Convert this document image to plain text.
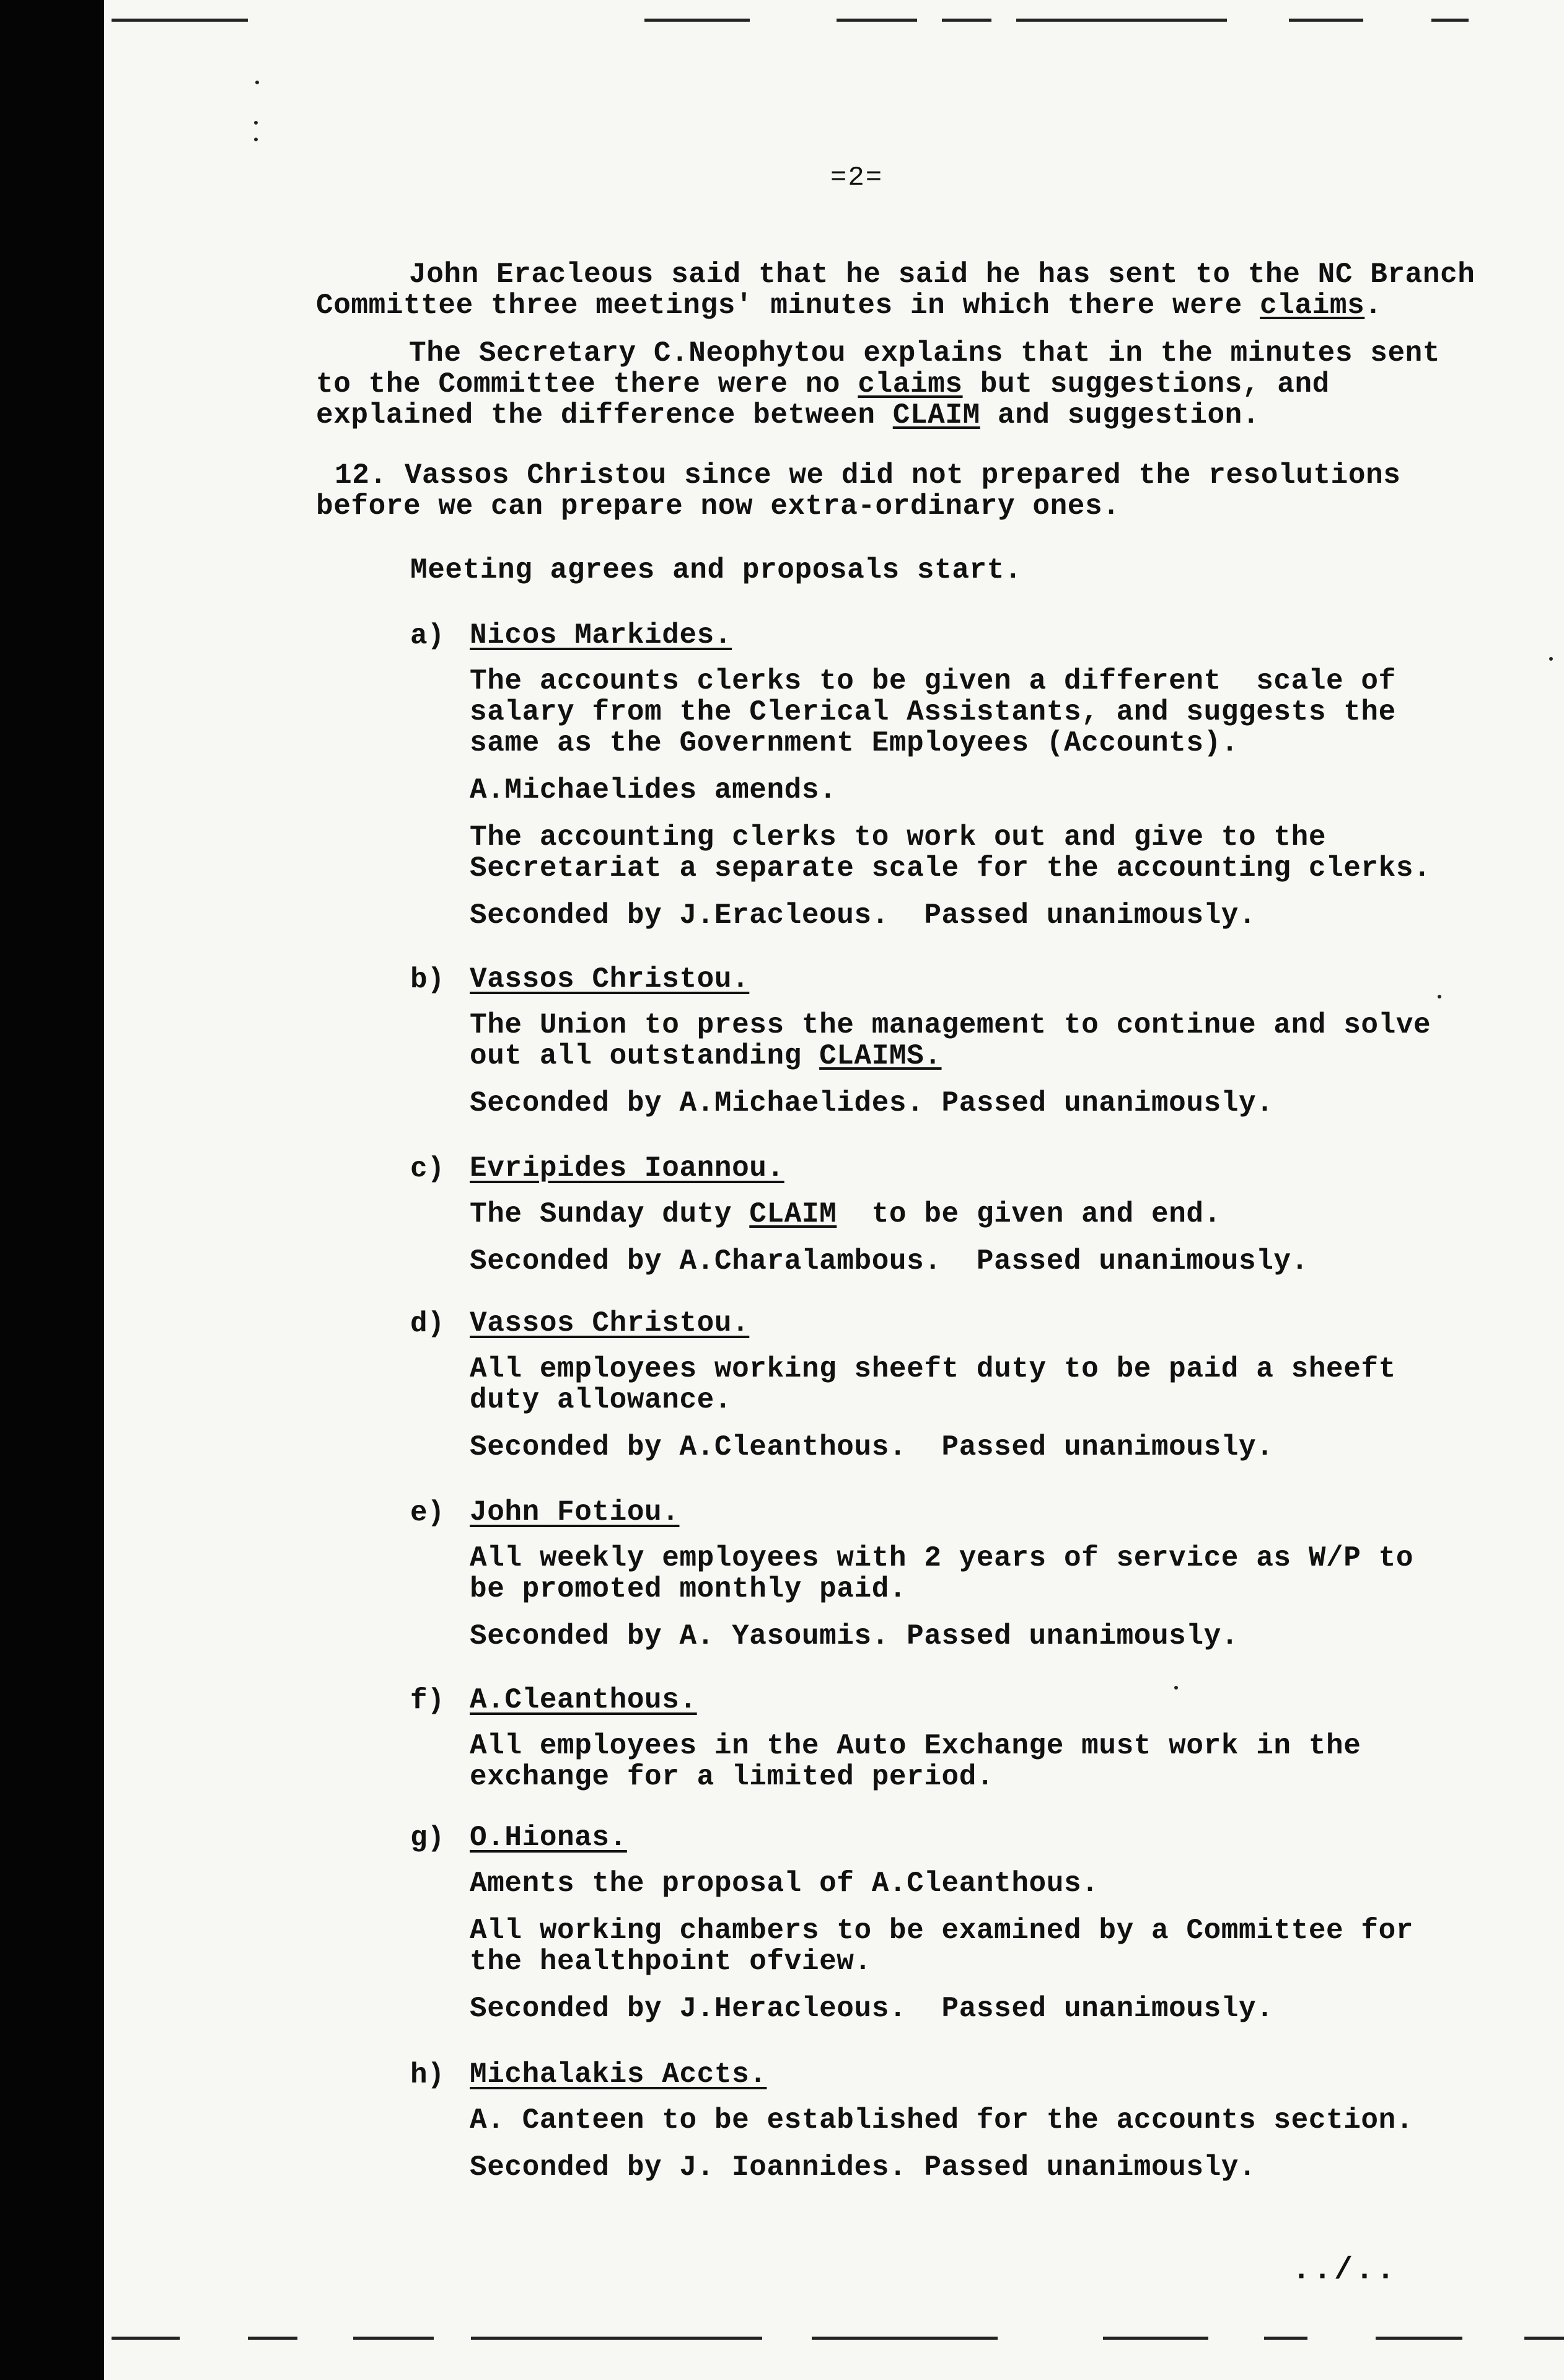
=2=
John Eracleous said that he said he has sent to the NC Branch
Committee three meetings' minutes in which there were claims.
The Secretary C.Neophytou explains that in the minutes sent
to the Committee there were no claims but suggestions, and
explained the difference between CLAIM and suggestion.
12. Vassos Christou since we did not prepared the resolutions
before we can prepare now extra-ordinary ones.
Meeting agrees and proposals start.
a) Nicos Markides.
The accounts clerks to be given a different  scale of
salary from the Clerical Assistants, and suggests the
same as the Government Employees (Accounts).
A.Michaelides amends.
The accounting clerks to work out and give to the
Secretariat a separate scale for the accounting clerks.
Seconded by J.Eracleous.  Passed unanimously.
b) Vassos Christou.
The Union to press the management to continue and solve
out all outstanding CLAIMS.
Seconded by A.Michaelides. Passed unanimously.
c) Evripides Ioannou.
The Sunday duty CLAIM  to be given and end.
Seconded by A.Charalambous.  Passed unanimously.
d) Vassos Christou.
All employees working sheeft duty to be paid a sheeft
duty allowance.
Seconded by A.Cleanthous.  Passed unanimously.
e) John Fotiou.
All weekly employees with 2 years of service as W/P to
be promoted monthly paid.
Seconded by A. Yasoumis. Passed unanimously.
f) A.Cleanthous.
All employees in the Auto Exchange must work in the
exchange for a limited period.
g) O.Hionas.
Aments the proposal of A.Cleanthous.
All working chambers to be examined by a Committee for
the healthpoint ofview.
Seconded by J.Heracleous.  Passed unanimously.
h) Michalakis Accts.
A. Canteen to be established for the accounts section.
Seconded by J. Ioannides. Passed unanimously.
../..
